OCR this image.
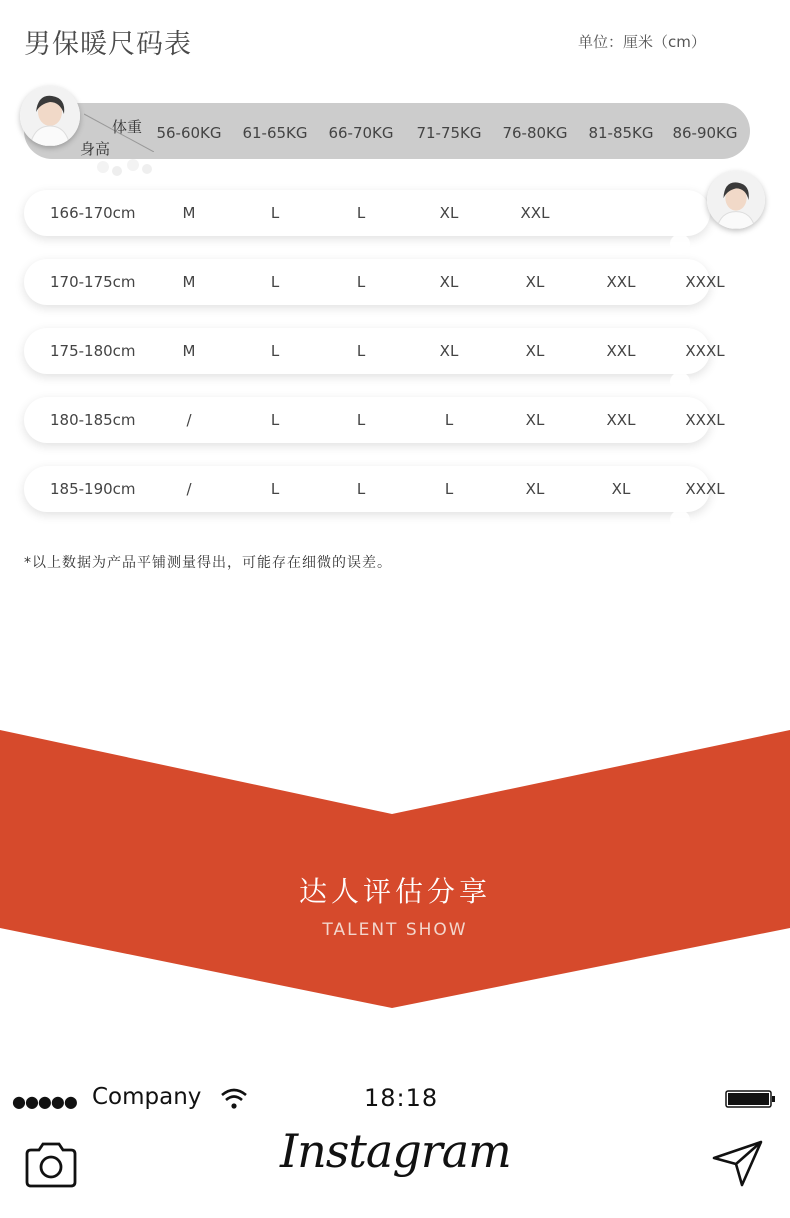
男保暖尺码表	单位：厘米（cm）
体重
身高
56-60KG	61-65KG	66-70KG	71-75KG	76-80KG	81-85KG	86-90KG
166-170cm	M	L	L	XL	XXL
170-175cm	M	L	L	XL	XL	XXL	XXXL
175-180cm	M	L	L	XL	XL	XXL	XXXL
180-185cm	/	L	L	L	XL	XXL	XXXL
185-190cm	/	L	L	L	XL	XL	XXXL
*以上数据为产品平铺测量得出，可能存在细微的误差。
达人评估分享
TALENT SHOW
●●●●● Company	18:18
Instagram
